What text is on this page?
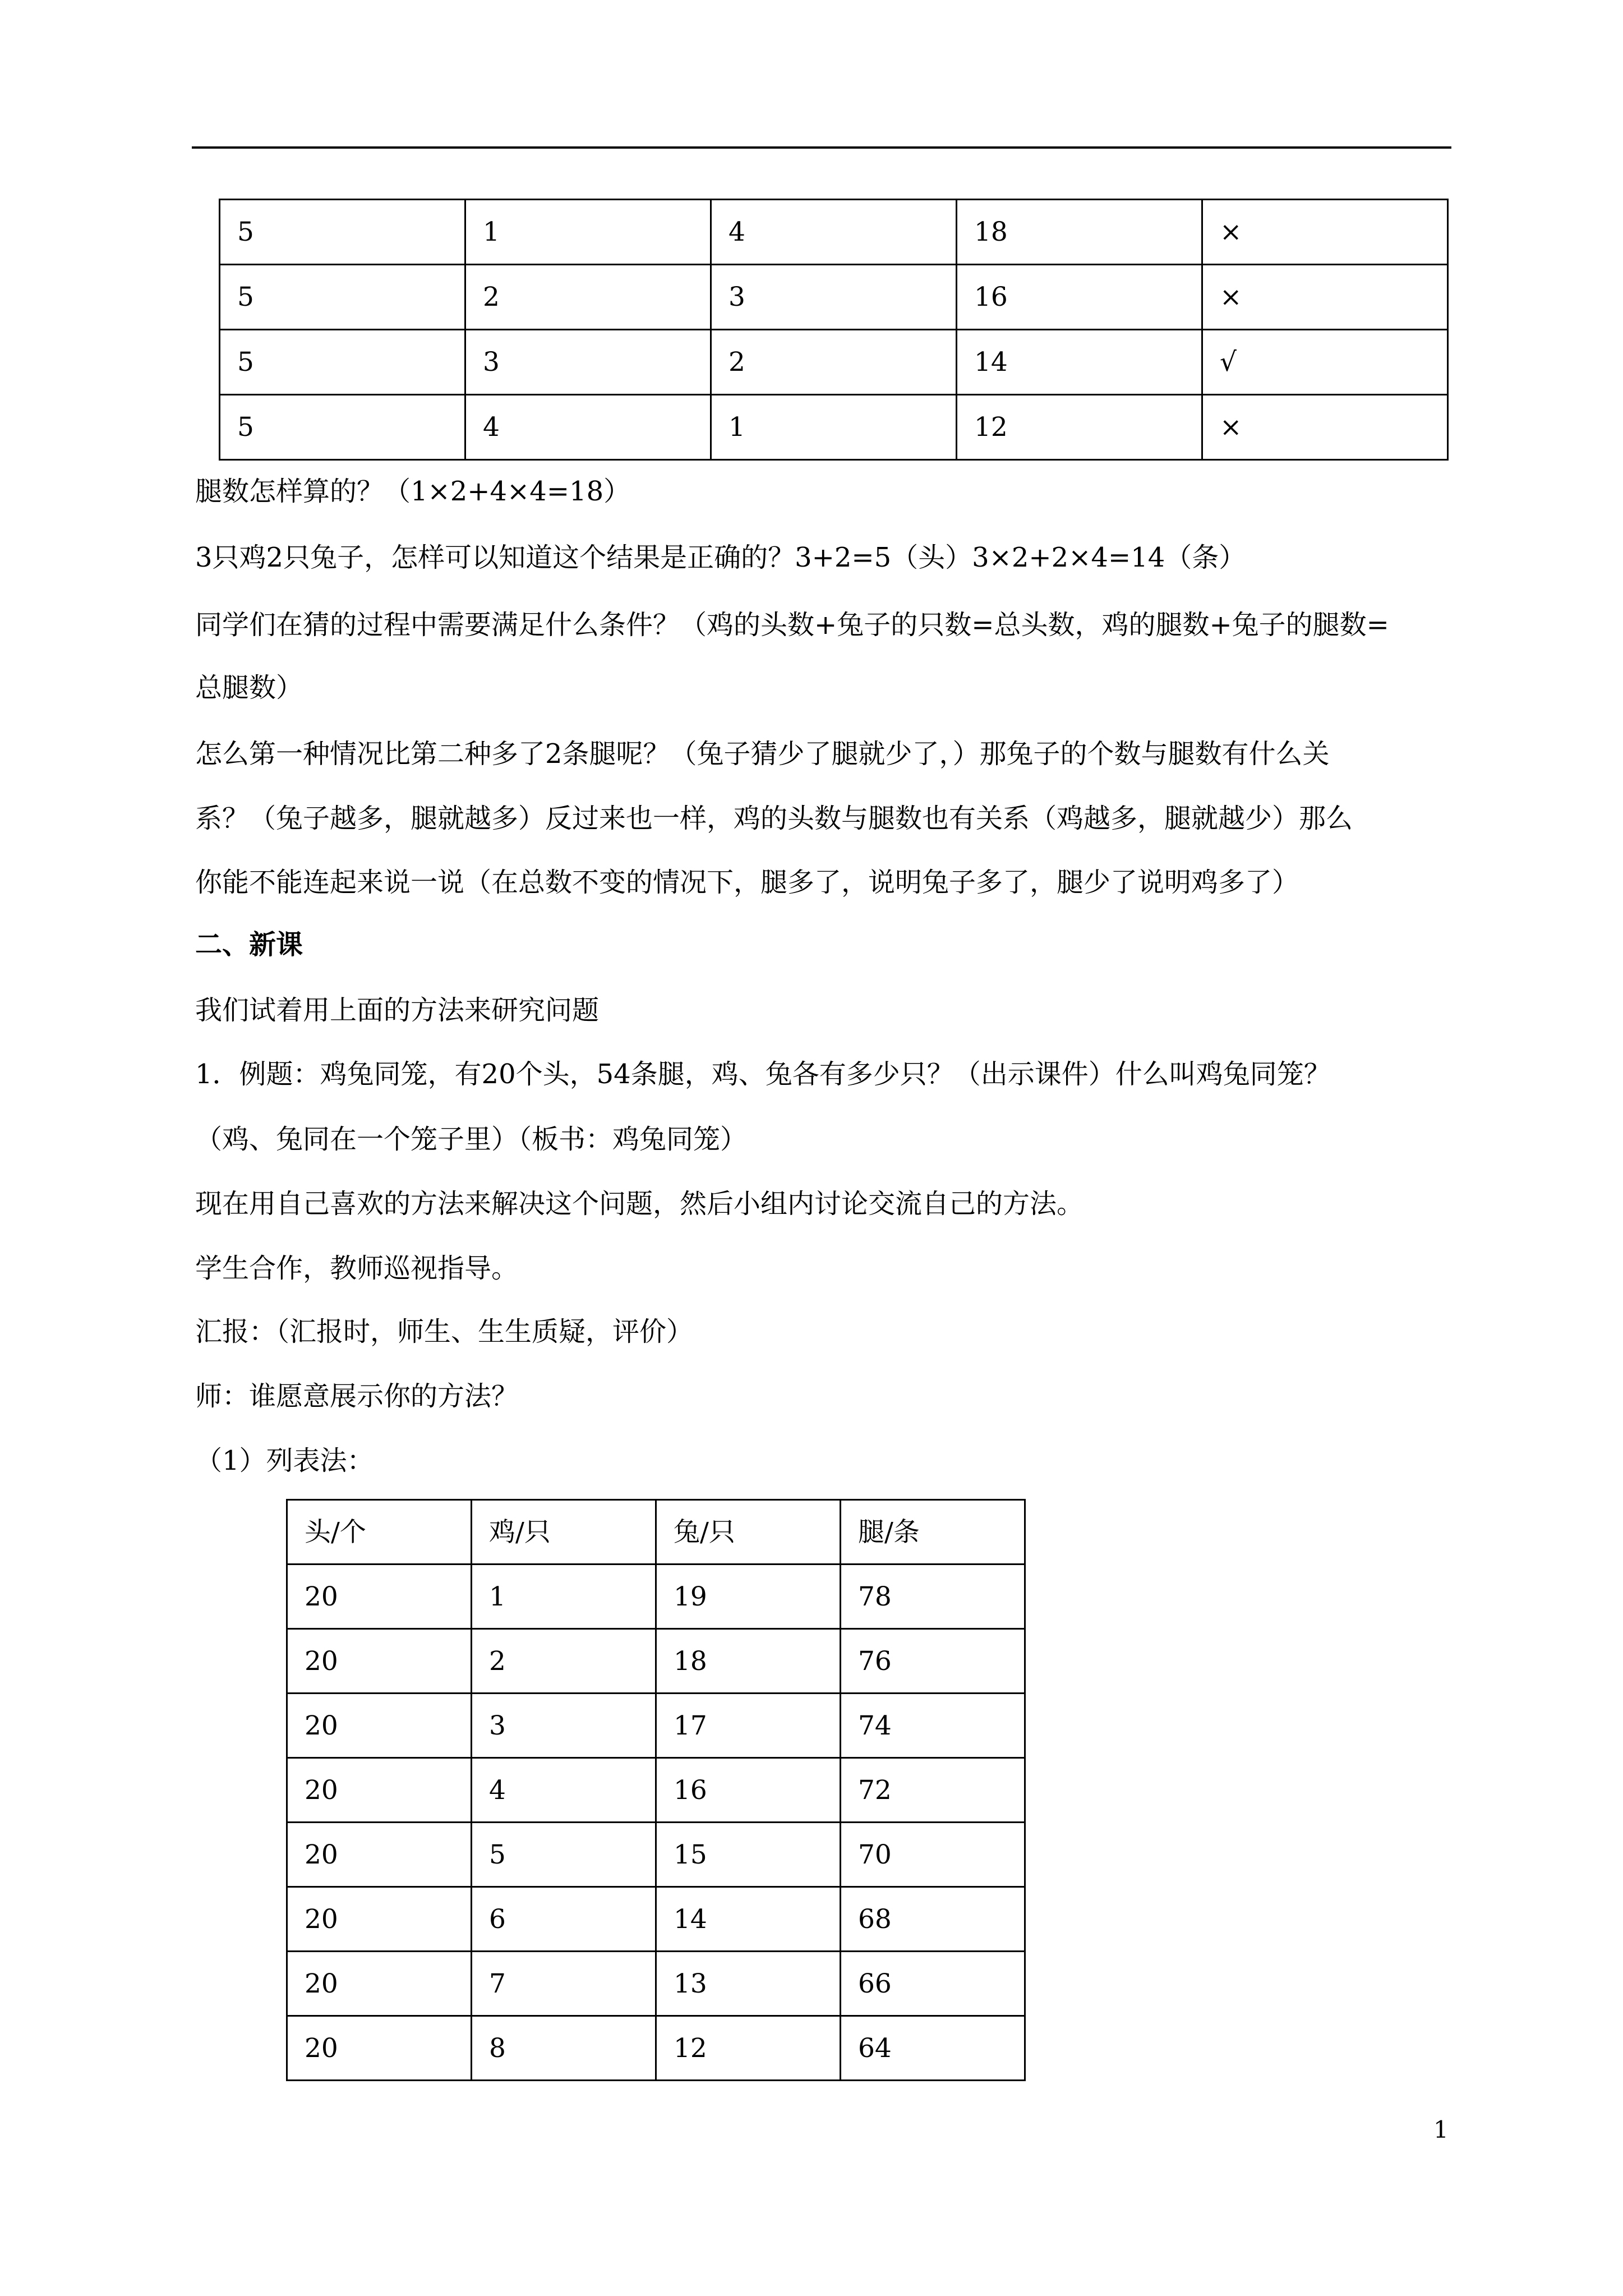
5	1	4	18	×
5	2	3	16	×
5	3	2	14	√
5	4	1	12	×
腿数怎样算的？（1×2+4×4=18）
3只鸡2只兔子，怎样可以知道这个结果是正确的？3+2=5（头）3×2+2×4=14（条）
同学们在猜的过程中需要满足什么条件？（鸡的头数+兔子的只数=总头数，鸡的腿数+兔子的腿数=
总腿数）
怎么第一种情况比第二种多了2条腿呢？（兔子猜少了腿就少了，）那兔子的个数与腿数有什么关
系？（兔子越多，腿就越多）反过来也一样，鸡的头数与腿数也有关系（鸡越多，腿就越少）那么
你能不能连起来说一说（在总数不变的情况下，腿多了，说明兔子多了，腿少了说明鸡多了）
二、新课
我们试着用上面的方法来研究问题
1．例题：鸡兔同笼，有20个头，54条腿，鸡、兔各有多少只？（出示课件）什么叫鸡兔同笼？
（鸡、兔同在一个笼子里）（板书：鸡兔同笼）
现在用自己喜欢的方法来解决这个问题，然后小组内讨论交流自己的方法。
学生合作，教师巡视指导。
汇报：（汇报时，师生、生生质疑，评价）
师：谁愿意展示你的方法？
（1）列表法：
头/个	鸡/只	兔/只	腿/条
20	1	19	78
20	2	18	76
20	3	17	74
20	4	16	72
20	5	15	70
20	6	14	68
20	7	13	66
20	8	12	64
1
